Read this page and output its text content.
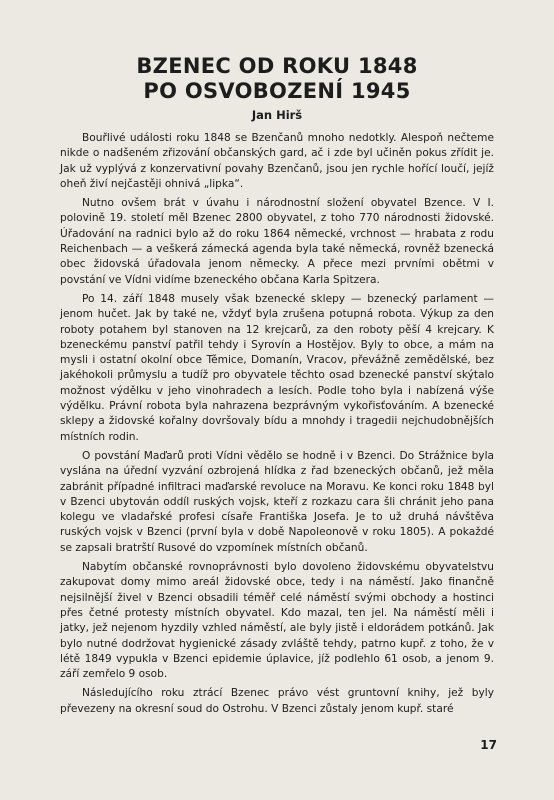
BZENEC OD ROKU 1848
PO OSVOBOZENÍ 1945
Jan Hirš

Bouřlivé události roku 1848 se Bzenčanů mnoho nedotkly. Alespoň nečteme nikde o nadšeném zřizování občanských gard, ač i zde byl učiněn pokus zřídit je. Jak už vyplývá z konzervativní povahy Bzenčanů, jsou jen rychle hořící loučí, jejíž oheň živí nejčastěji ohnivá „lipka“.

Nutno ovšem brát v úvahu i národnostní složení obyvatel Bzence. V I. polovině 19. století měl Bzenec 2800 obyvatel, z toho 770 národnosti židovské. Úřadování na radnici bylo až do roku 1864 německé, vrchnost — hrabata z rodu Reichenbach — a veškerá zámecká agenda byla také německá, rovněž bzenecká obec židovská úřadovala jenom německy. A přece mezi prvními obětmi v povstání ve Vídni vidíme bzeneckého občana Karla Spitzera.

Po 14. září 1848 musely však bzenecké sklepy — bzenecký parlament — jenom hučet. Jak by také ne, vždyť byla zrušena potupná robota. Výkup za den roboty potahem byl stanoven na 12 krejcarů, za den roboty pěší 4 krejcary. K bzeneckému panství patřil tehdy i Syrovín a Hostějov. Byly to obce, a mám na mysli i ostatní okolní obce Těmice, Domanín, Vracov, převážně zemědělské, bez jakéhokoli průmyslu a tudíž pro obyvatele těchto osad bzenecké panství skýtalo možnost výdělku v jeho vinohradech a lesích. Podle toho byla i nabízená výše výdělku. Právní robota byla nahrazena bezprávným vykořisťováním. A bzenecké sklepy a židovské kořalny dovršovaly bídu a mnohdy i tragedii nejchudobnějších místních rodin.

O povstání Maďarů proti Vídni vědělo se hodně i v Bzenci. Do Strážnice byla vyslána na úřední vyzvání ozbrojená hlídka z řad bzeneckých občanů, jež měla zabránit případné infiltraci maďarské revoluce na Moravu. Ke konci roku 1848 byl v Bzenci ubytován oddíl ruských vojsk, kteří z rozkazu cara šli chránit jeho pana kolegu ve vladařské profesi císaře Františka Josefa. Je to už druhá návštěva ruských vojsk v Bzenci (první byla v době Napoleonově v roku 1805). A pokaždé se zapsali bratrští Rusové do vzpomínek místních občanů.

Nabytím občanské rovnoprávnosti bylo dovoleno židovskému obyvatelstvu zakupovat domy mimo areál židovské obce, tedy i na náměstí. Jako finančně nejsilnější živel v Bzenci obsadili téměř celé náměstí svými obchody a hostinci přes četné protesty místních obyvatel. Kdo mazal, ten jel. Na náměstí měli i jatky, jež nejenom hyzdily vzhled náměstí, ale byly jistě i eldorádem potkánů. Jak bylo nutné dodržovat hygienické zásady zvláště tehdy, patrno kupř. z toho, že v létě 1849 vypukla v Bzenci epidemie úplavice, jíž podlehlo 61 osob, a jenom 9. září zemřelo 9 osob.

Následujícího roku ztrácí Bzenec právo vést gruntovní knihy, jež byly převezeny na okresní soud do Ostrohu. V Bzenci zůstaly jenom kupř. staré

17
